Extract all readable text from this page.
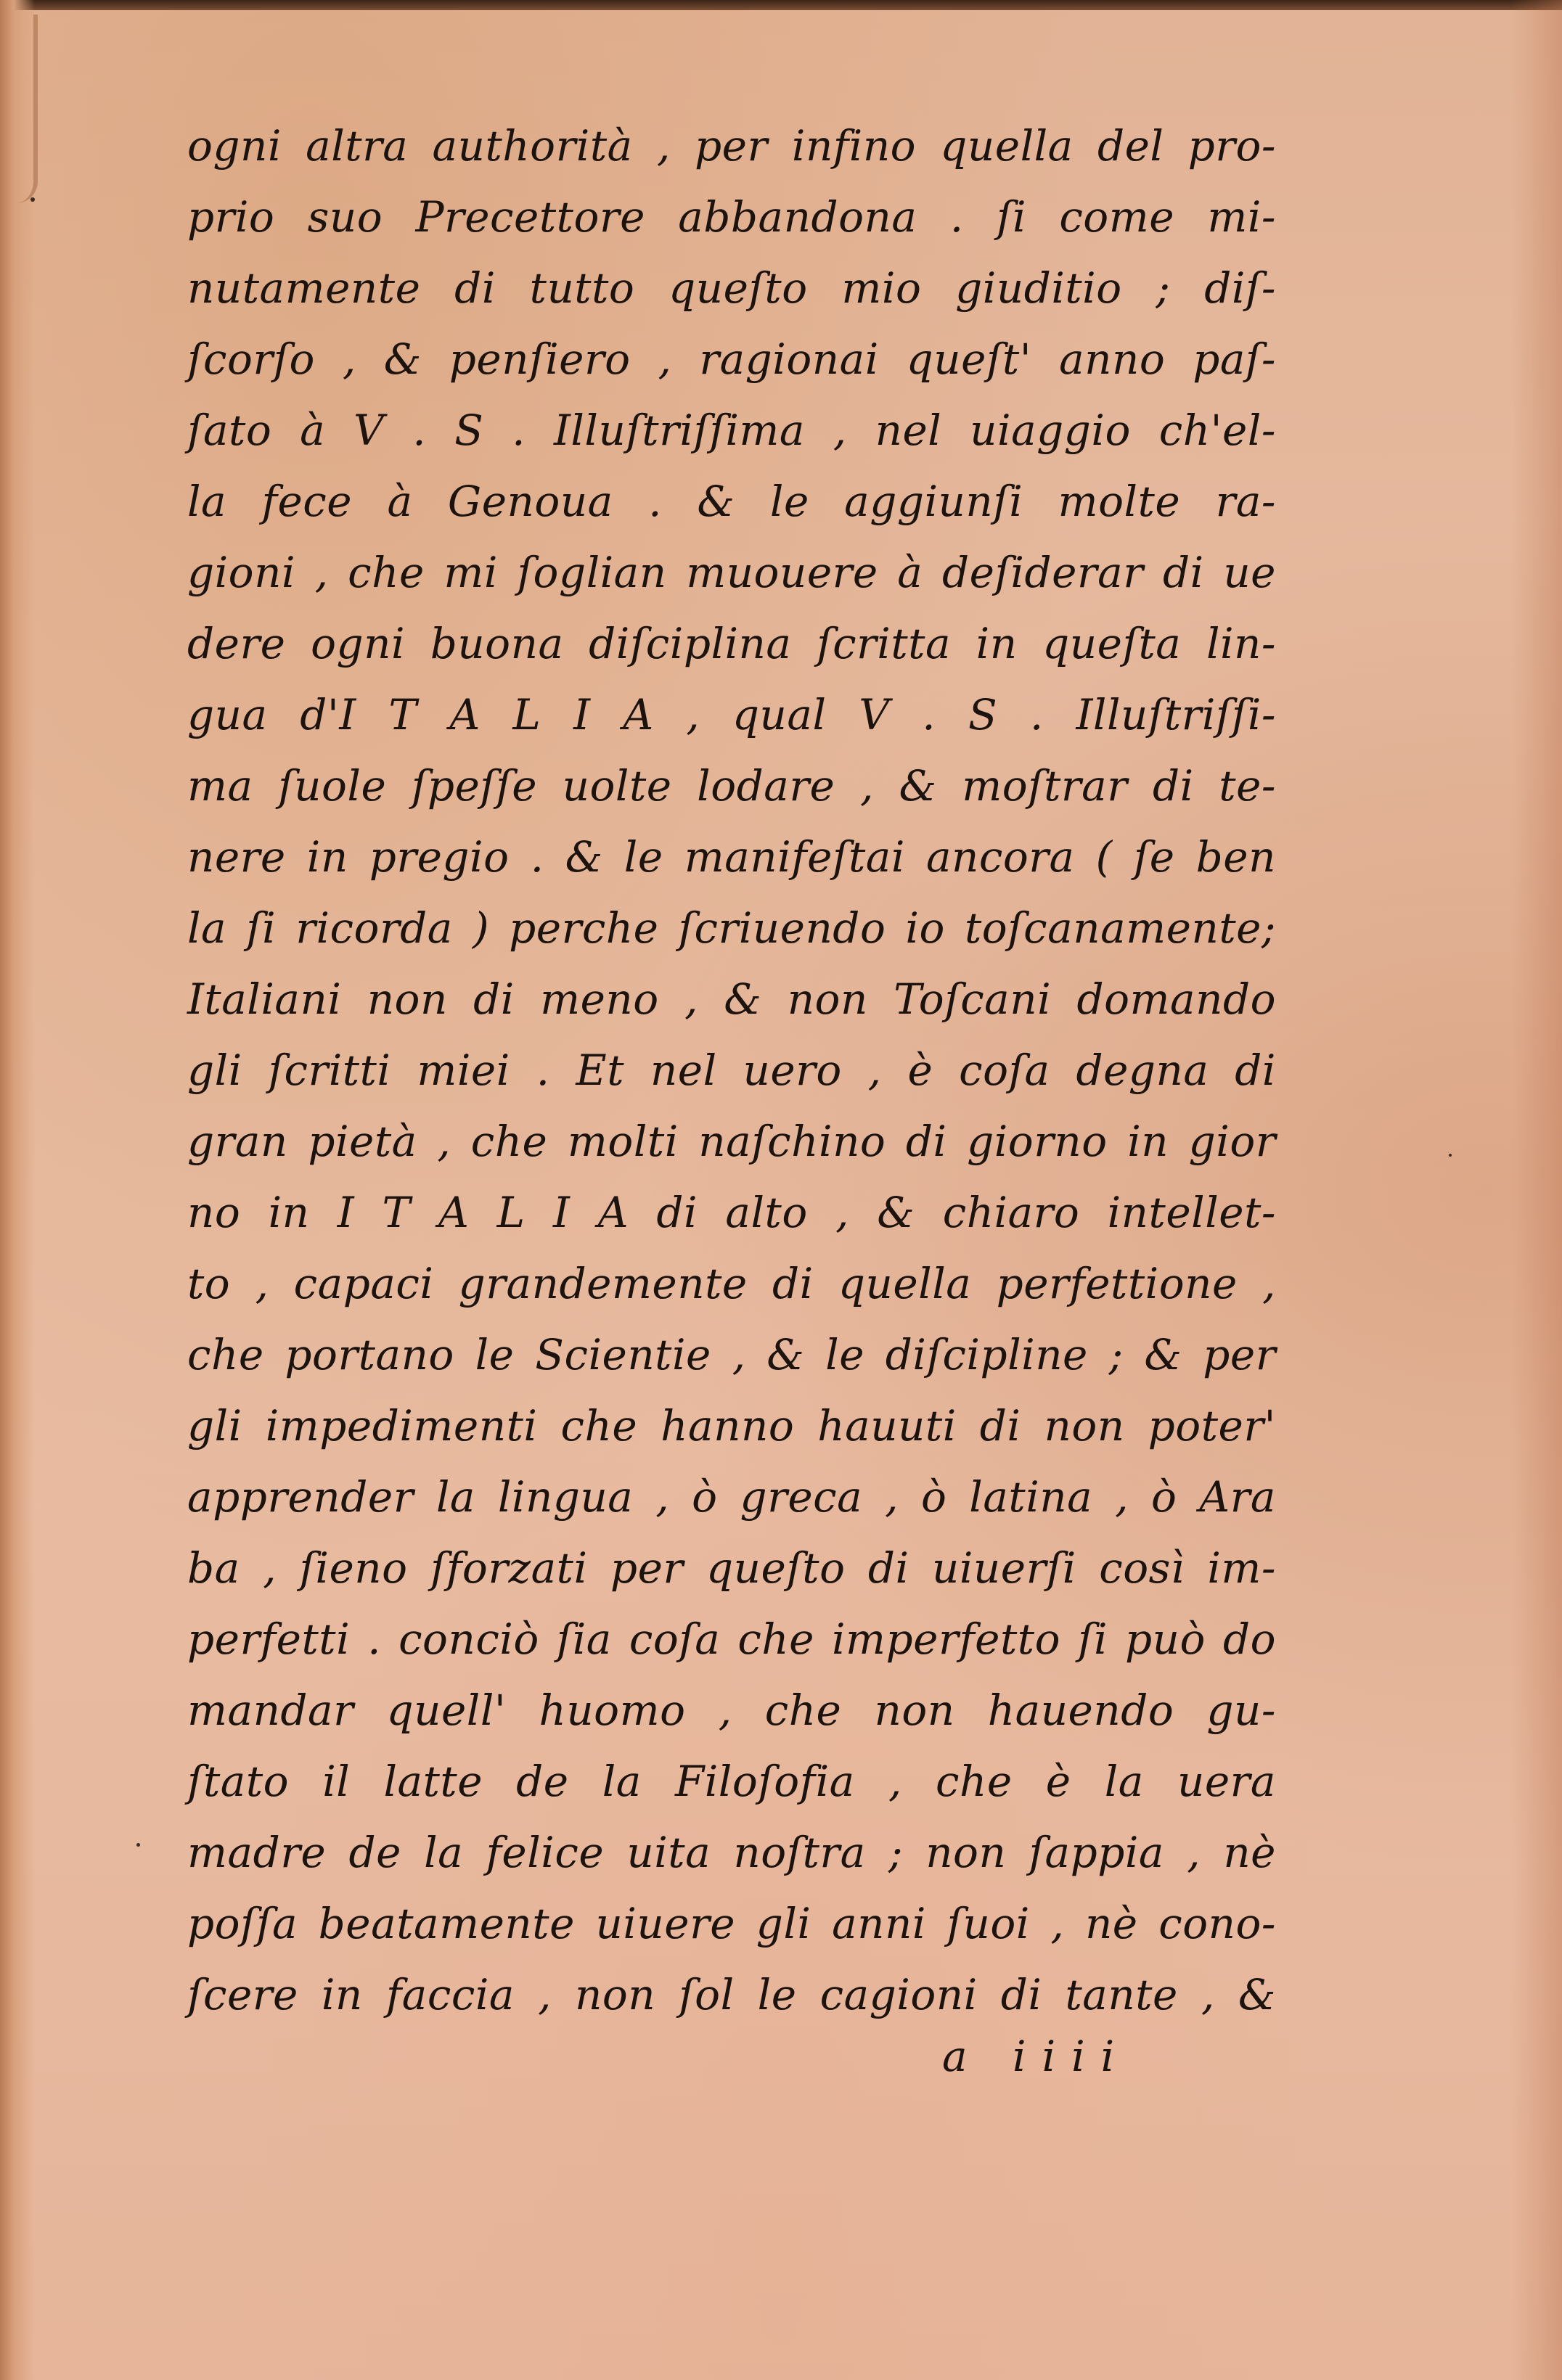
ogni altra authorità , per infino quella del pro-
prio suo Precettore abbandona . ſi come mi-
nutamente di tutto queſto mio giuditio ; diſ-
ſcorſo , & penſiero , ragionai queſt' anno paſ-
ſato à V . S . Illuſtriſſima , nel uiaggio ch'el-
la fece à Genoua . & le aggiunſi molte ra-
gioni , che mi ſoglian muouere à deſiderar di ue
dere ogni buona diſciplina ſcritta in queſta lin-
gua d'I T A L I A , qual V . S . Illuſtriſſi-
ma ſuole ſpeſſe uolte lodare , & moſtrar di te-
nere in pregio . & le manifeſtai ancora ( ſe ben
la ſi ricorda ) perche ſcriuendo io toſcanamente;
Italiani non di meno , & non Toſcani domando
gli ſcritti miei . Et nel uero , è coſa degna di
gran pietà , che molti naſchino di giorno in gior
no in I T A L I A di alto , & chiaro intellet-
to , capaci grandemente di quella perfettione ,
che portano le Scientie , & le diſcipline ; & per
gli impedimenti che hanno hauuti di non poter'
apprender la lingua , ò greca , ò latina , ò Ara
ba , ſieno ſforzati per queſto di uiuerſi così im-
perfetti . conciò ſia coſa che imperfetto ſi può do
mandar quell' huomo , che non hauendo gu-
ſtato il latte de la Filoſofia , che è la uera
madre de la felice uita noſtra ; non ſappia , nè
poſſa beatamente uiuere gli anni ſuoi , nè cono-
ſcere in faccia , non ſol le cagioni di tante , &
a iiii
